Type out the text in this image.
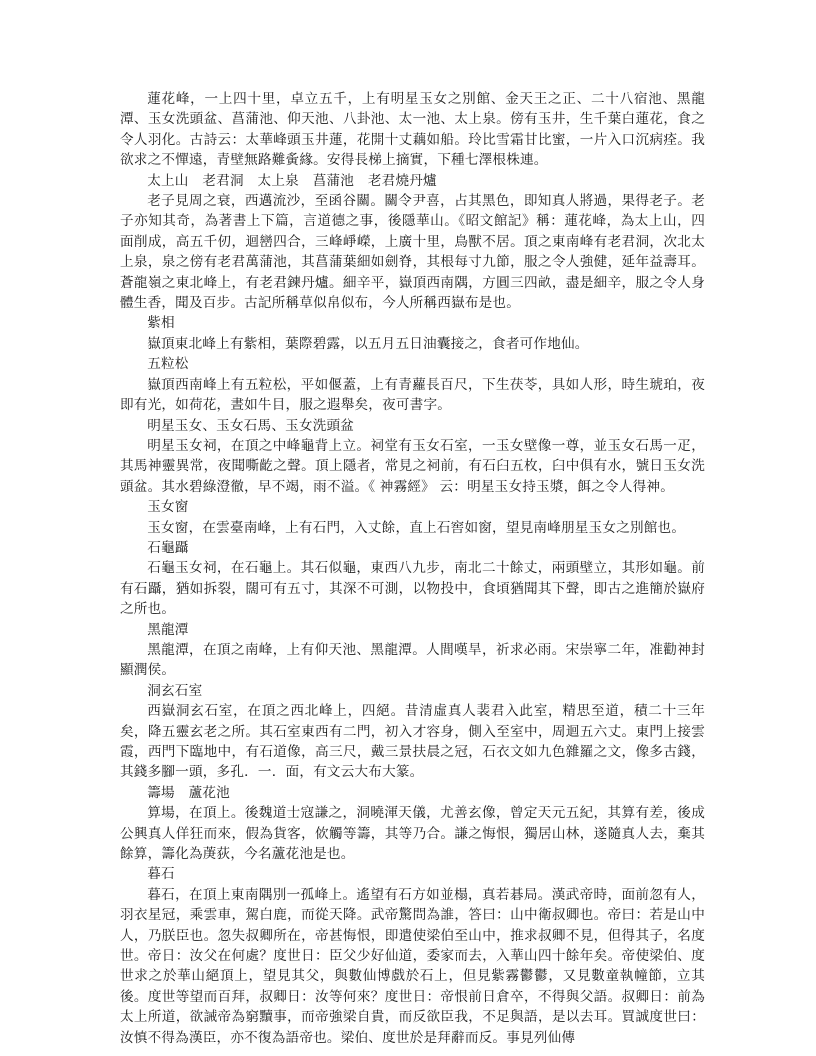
蓮花峰，一上四十里，卓立五千，上有明星玉女之別館、金天王之正、二十八宿池、黑龍潭、玉女洗頭盆、菖蒲池、仰天池、八卦池、太一池、太上泉。傍有玉井，生千葉白蓮花，食之令人羽化。古詩云：太華峰頭玉井蓮，花開十丈藕如船。玲比雪霜甘比蜜，一片入口沉病痊。我欲求之不憚遠，青壁無路難夤緣。安得長梯上摘實，下種七澤根株連。

太上山　老君洞　太上泉　菖蒲池　老君燒丹爐

老子見周之衰，西邁流沙，至函谷關。關令尹喜，占其黑色，即知真人將過，果得老子。老子亦知其奇，為著書上下篇，言道德之事，後隱華山。《昭文館記》稱：蓮花峰，為太上山，四面削成，高五千仞，迴巒四合，三峰崢嶸，上廣十里，鳥獸不居。頂之東南峰有老君洞，次北太上泉，泉之傍有老君萬蒲池，其菖蒲葉細如劍脊，其根每寸九節，服之令人強健，延年益壽耳。蒼龍嶺之東北峰上，有老君鍊丹爐。細辛平，嶽頂西南隅，方圓三四畝，盡是細辛，服之令人身體生香，聞及百步。古記所稱草似帛似布，今人所稱西嶽布是也。

紫相

嶽頂東北峰上有紫相，葉際碧露，以五月五日油囊接之，食者可作地仙。

五粒松

嶽頂西南峰上有五粒松，平如偃蓋，上有青蘿長百尺，下生茯苓，具如人形，時生琥珀，夜即有光，如荷花，晝如牛目，服之遐舉矣，夜可書字。

明星玉女、玉女石馬、玉女洗頭盆

明星玉女祠，在頂之中峰龜背上立。祠堂有玉女石室，一玉女壁像一尊，並玉女石馬一疋，其馬神靈異常，夜聞嘶齕之聲。頂上隱者，常見之祠前，有石臼五枚，臼中俱有水，號日玉女洗頭盆。其水碧綠澄徹，早不竭，雨不溢。《 神霧經》 云：明星玉女持玉漿，餌之令人得神。

玉女窗

玉女窗，在雲臺南峰，上有石門，入丈餘，直上石窖如窗，望見南峰朋星玉女之別館也。

石龜躡

石龜玉女祠，在石龜上。其石似龜，東西八九步，南北二十餘丈，兩頭壁立，其形如龜。前有石躡，猶如拆裂，闊可有五寸，其深不可測，以物投中，食頃猶聞其下聲，即古之進簡於嶽府之所也。

黑龍潭

黑龍潭，在頂之南峰，上有仰天池、黑龍潭。人間嘆旱，祈求必雨。宋崇寧二年，准勸神封顯潤侯。

洞玄石室

西嶽洞玄石室，在頂之西北峰上，四絕。昔清虛真人裴君入此室，精思至道，積二十三年矣，降五靈玄老之所。其石室東西有二門，初入才容身，側入至室中，周迴五六丈。東門上接雲霞，西門下臨地中，有石道像，高三尺，戴三景扶晨之冠，石衣文如九色雜羅之文，像多古錢，其錢多腳一頭，多孔．一．面，有文云大布大篆。

籌場　蘆花池

算場，在頂上。後魏道士寇謙之，洞曉渾天儀，尤善玄像，曾定天元五紀，其算有差，後成公興真人佯狂而來，假為貨客，佽觸等籌，其等乃合。謙之悔恨，獨居山林，遂隨真人去，棄其餘算，籌化為菮荻，今名蘆花池是也。

暮石

暮石，在頂上東南隅別一孤峰上。遙望有石方如並榻，真若碁局。漢武帝時，面前忽有人，羽衣星冠，乘雲車，駕白鹿，而從天降。武帝驚問為誰，答曰：山中衛叔卿也。帝曰：若是山中人，乃朕臣也。忽失叔卿所在，帝甚悔恨，即遣使梁伯至山中，推求叔卿不見，但得其子，名度世。帝日：汝父在何處？度世日：臣父少好仙道，委家而去，入華山四十餘年矣。帝使梁伯、度世求之於華山絕頂上，望見其父，與數仙博戲於石上，但見紫霧鬱鬱，又見數童執幢節，立其後。度世等望而百拜，叔卿日：汝等何來？度世日：帝恨前日倉卒，不得與父語。叔卿日：前為太上所道，欲誡帝為窮黷事，而帝強梁自貴，而反欲臣我，不足與語，是以去耳。買誠度世曰：汝慎不得為漢臣，亦不復為語帝也。梁伯、度世於是拜辭而反。事見列仙傳
